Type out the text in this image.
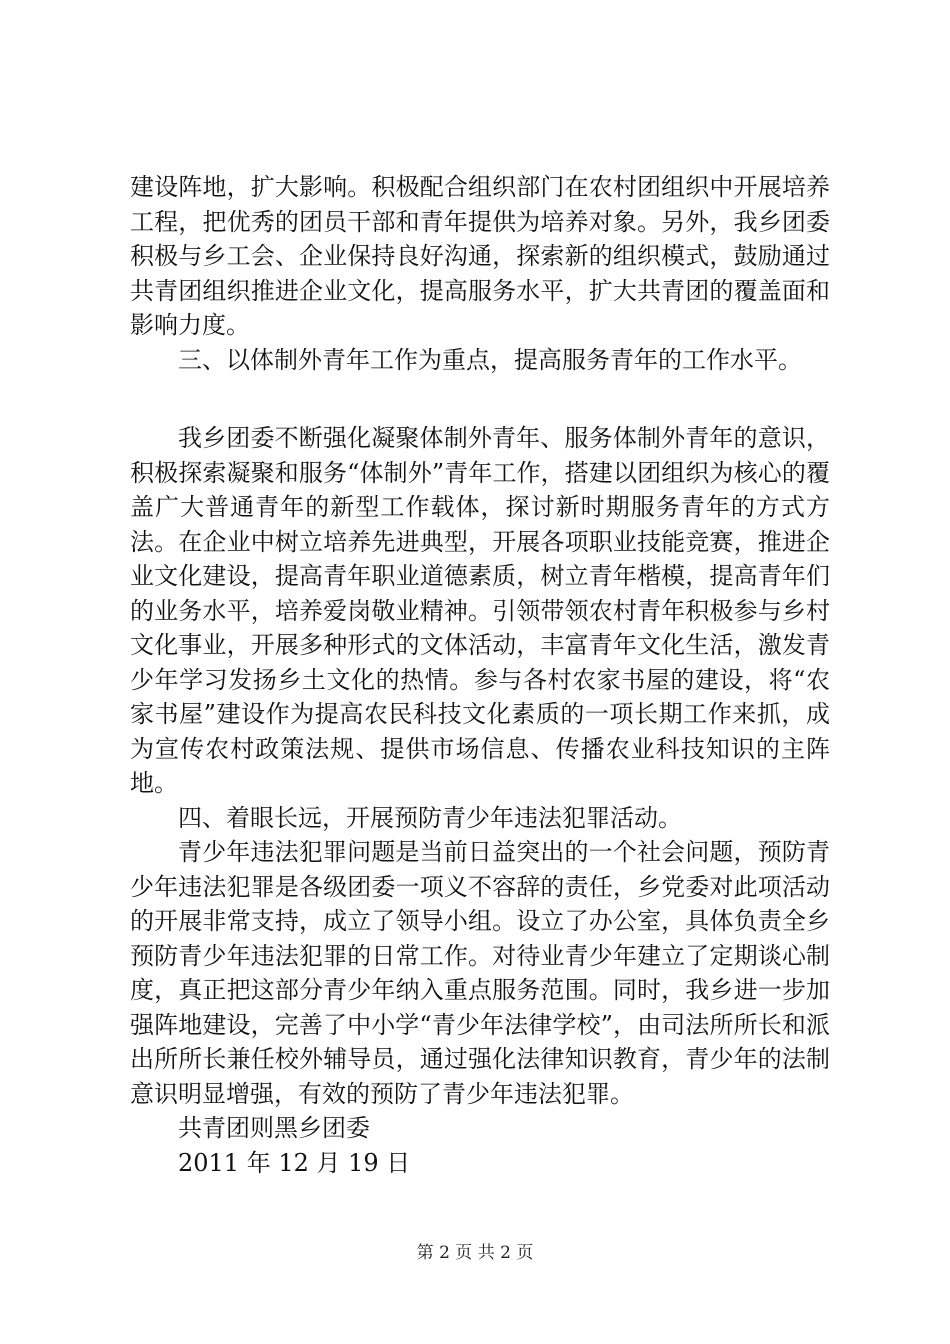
建设阵地，扩大影响。积极配合组织部门在农村团组织中开展培养工程，把优秀的团员干部和青年提供为培养对象。另外，我乡团委积极与乡工会、企业保持良好沟通，探索新的组织模式，鼓励通过共青团组织推进企业文化，提高服务水平，扩大共青团的覆盖面和影响力度。

三、以体制外青年工作为重点，提高服务青年的工作水平。

我乡团委不断强化凝聚体制外青年、服务体制外青年的意识，积极探索凝聚和服务“体制外”青年工作，搭建以团组织为核心的覆盖广大普通青年的新型工作载体，探讨新时期服务青年的方式方法。在企业中树立培养先进典型，开展各项职业技能竞赛，推进企业文化建设，提高青年职业道德素质，树立青年楷模，提高青年们的业务水平，培养爱岗敬业精神。引领带领农村青年积极参与乡村文化事业，开展多种形式的文体活动，丰富青年文化生活，激发青少年学习发扬乡土文化的热情。参与各村农家书屋的建设，将“农家书屋”建设作为提高农民科技文化素质的一项长期工作来抓，成为宣传农村政策法规、提供市场信息、传播农业科技知识的主阵地。

四、着眼长远，开展预防青少年违法犯罪活动。

青少年违法犯罪问题是当前日益突出的一个社会问题，预防青少年违法犯罪是各级团委一项义不容辞的责任，乡党委对此项活动的开展非常支持，成立了领导小组。设立了办公室，具体负责全乡预防青少年违法犯罪的日常工作。对待业青少年建立了定期谈心制度，真正把这部分青少年纳入重点服务范围。同时，我乡进一步加强阵地建设，完善了中小学“青少年法律学校”，由司法所所长和派出所所长兼任校外辅导员，通过强化法律知识教育，青少年的法制意识明显增强，有效的预防了青少年违法犯罪。

共青团则黑乡团委

2011 年 12 月 19 日

第 2 页 共 2 页
